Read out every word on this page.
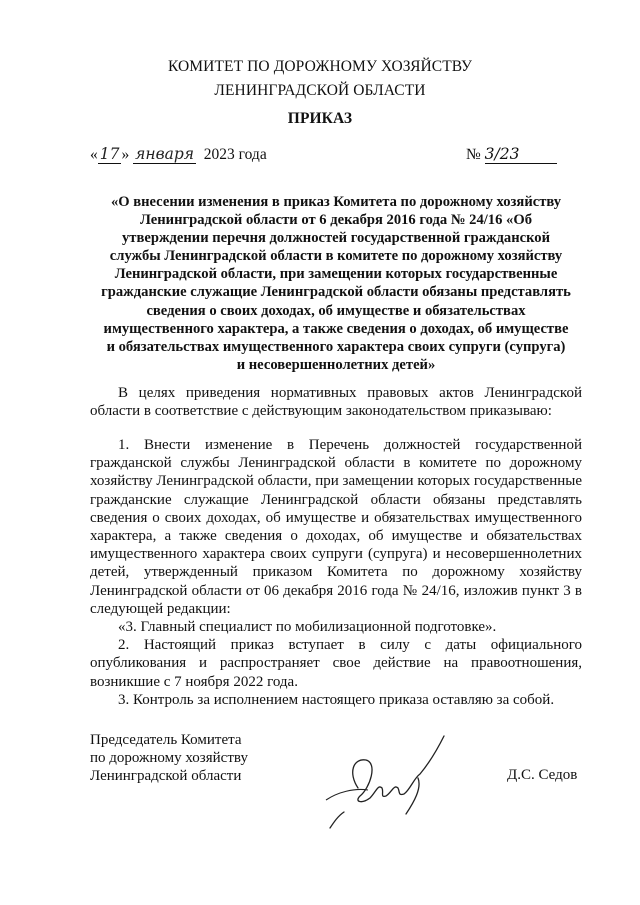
КОМИТЕТ ПО ДОРОЖНОМУ ХОЗЯЙСТВУ
ЛЕНИНГРАДСКОЙ ОБЛАСТИ
ПРИКАЗ
« 17 » января 2023 года	№ 3/23
«О внесении изменения в приказ Комитета по дорожному хозяйству
Ленинградской области от 6 декабря 2016 года № 24/16 «Об
утверждении перечня должностей государственной гражданской
службы Ленинградской области в комитете по дорожному хозяйству
Ленинградской области, при замещении которых государственные
гражданские служащие Ленинградской области обязаны представлять
сведения о своих доходах, об имуществе и обязательствах
имущественного характера, а также сведения о доходах, об имуществе
и обязательствах имущественного характера своих супруги (супруга)
и несовершеннолетних детей»

В целях приведения нормативных правовых актов Ленинградской области в соответствие с действующим законодательством приказываю:

1. Внести изменение в Перечень должностей государственной гражданской службы Ленинградской области в комитете по дорожному хозяйству Ленинградской области, при замещении которых государственные гражданские служащие Ленинградской области обязаны представлять сведения о своих доходах, об имуществе и обязательствах имущественного характера, а также сведения о доходах, об имуществе и обязательствах имущественного характера своих супруги (супруга) и несовершеннолетних детей, утвержденный приказом Комитета по дорожному хозяйству Ленинградской области от 06 декабря 2016 года № 24/16, изложив пункт 3 в следующей редакции:

«3. Главный специалист по мобилизационной подготовке».

2. Настоящий приказ вступает в силу с даты официального опубликования и распространяет свое действие на правоотношения, возникшие с 7 ноября 2022 года.

3. Контроль за исполнением настоящего приказа оставляю за собой.

Председатель Комитета
по дорожному хозяйству
Ленинградской области	Д.С. Седов
